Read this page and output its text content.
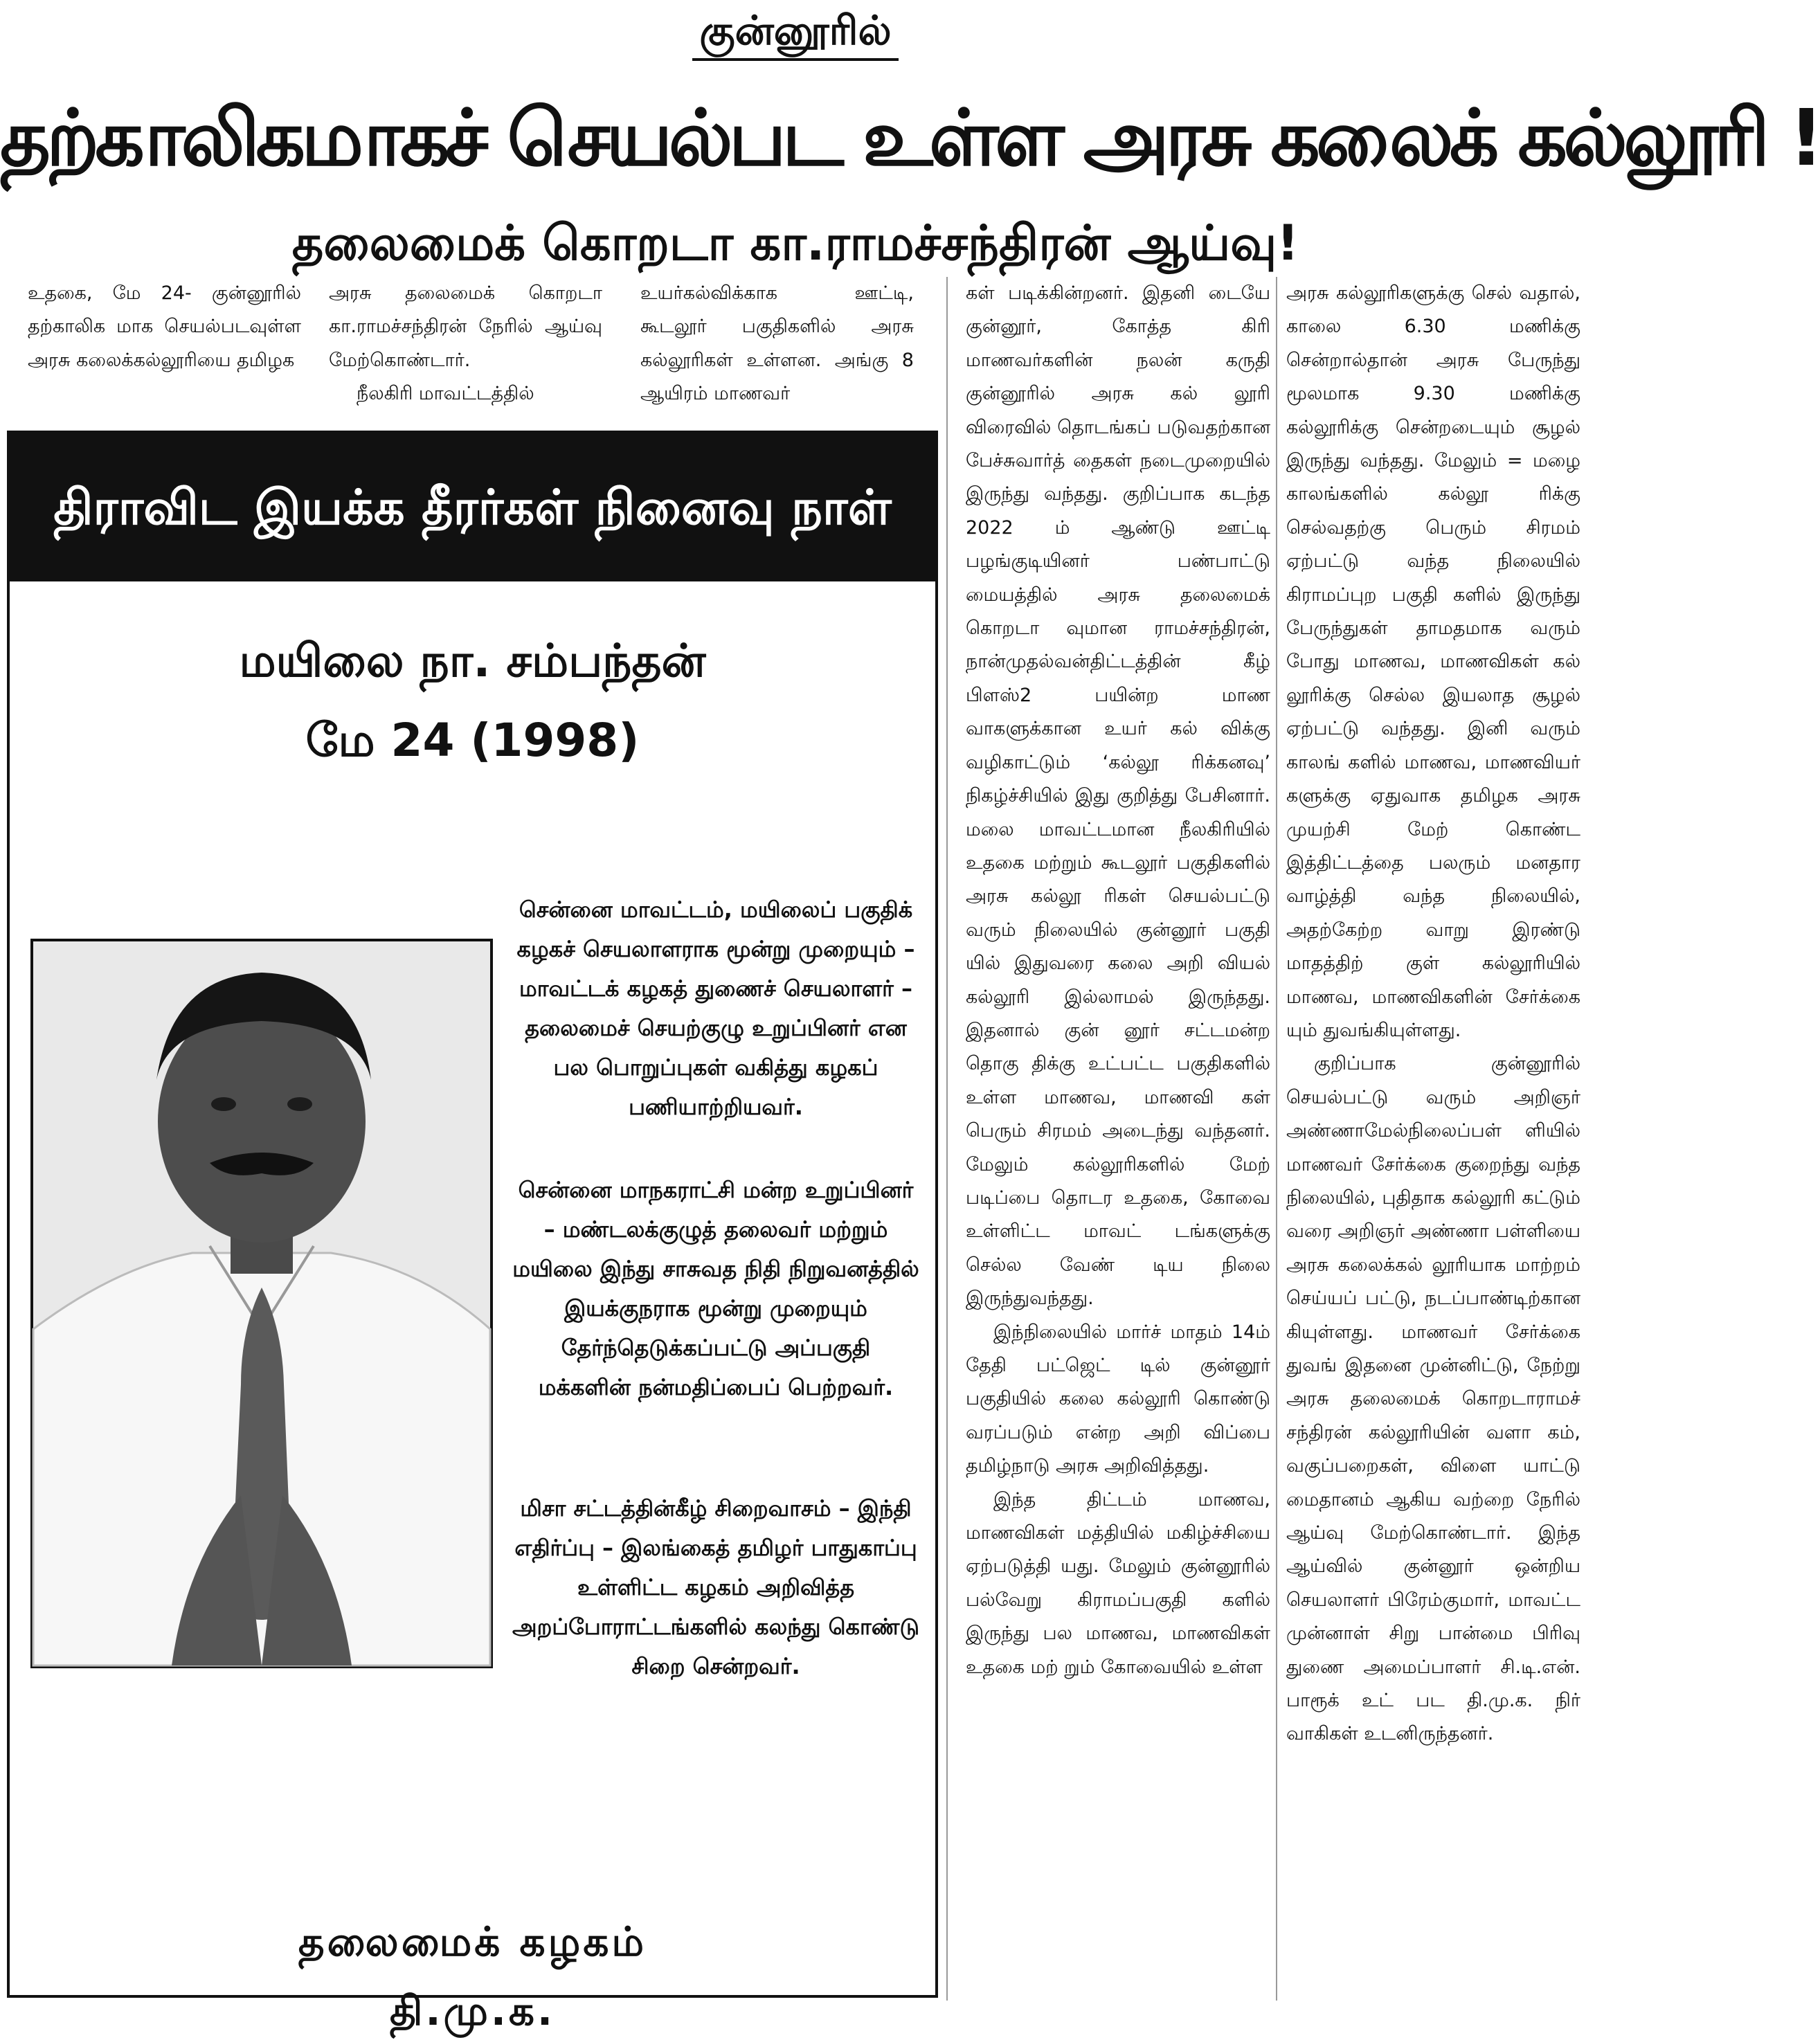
குன்னூரில்
தற்காலிகமாகச் செயல்பட உள்ள அரசு கலைக் கல்லூரி !
தலைமைக் கொறடா கா.ராமச்சந்திரன் ஆய்வு!

உதகை, மே 24- குன்னூரில் தற்காலிக மாக செயல்படவுள்ள அரசு கலைக்கல்லூரியை தமிழக

அரசு தலைமைக் கொறடா கா.ராமச்சந்திரன் நேரில் ஆய்வு மேற்கொண்டார்.

நீலகிரி மாவட்டத்தில்

உயர்கல்விக்காக ஊட்டி, கூடலூர் பகுதிகளில் அரசு கல்லூரிகள் உள்ளன. அங்கு 8 ஆயிரம் மாணவர்

கள் படிக்கின்றனர். இதனி டையே குன்னூர், கோத்த கிரி மாணவர்களின் நலன் கருதி குன்னூரில் அரசு கல் லூரி விரைவில் தொடங்கப் படுவதற்கான பேச்சுவார்த் தைகள் நடைமுறையில் இருந்து வந்தது. குறிப்பாக கடந்த 2022 ம் ஆண்டு ஊட்டி பழங்குடியினர் பண்பாட்டு மையத்தில் அரசு தலைமைக் கொறடா வுமான ராமச்சந்திரன், நான்முதல்வன்திட்டத்தின் கீழ் பிளஸ்2 பயின்ற மாண வாகளுக்கான உயர் கல் விக்கு வழிகாட்டும் ‘கல்லூ ரிக்கனவு’ நிகழ்ச்சியில் இது குறித்து பேசினார். மலை மாவட்டமான நீலகிரியில் உதகை மற்றும் கூடலூர் பகுதிகளில் அரசு கல்லூ ரிகள் செயல்பட்டு வரும் நிலையில் குன்னூர் பகுதி யில் இதுவரை கலை அறி வியல் கல்லூரி இல்லாமல் இருந்தது. இதனால் குன் னூர் சட்டமன்ற தொகு திக்கு உட்பட்ட பகுதிகளில் உள்ள மாணவ, மாணவி கள் பெரும் சிரமம் அடைந்து வந்தனர். மேலும் கல்லூரிகளில் மேற் படிப்பை தொடர உதகை, கோவை உள்ளிட்ட மாவட் டங்களுக்கு செல்ல வேண் டிய நிலை இருந்துவந்தது.

இந்நிலையில் மார்ச் மாதம் 14ம் தேதி பட்ஜெட் டில் குன்னூர் பகுதியில் கலை கல்லூரி கொண்டு வரப்படும் என்ற அறி விப்பை தமிழ்நாடு அரசு அறிவித்தது.

இந்த திட்டம் மாணவ, மாணவிகள் மத்தியில் மகிழ்ச்சியை ஏற்படுத்தி யது. மேலும் குன்னூரில் பல்வேறு கிராமப்பகுதி களில் இருந்து பல மாணவ, மாணவிகள் உதகை மற் றும் கோவையில் உள்ள

அரசு கல்லூரிகளுக்கு செல் வதால், காலை 6.30 மணிக்கு சென்றால்தான் அரசு பேருந்து மூலமாக 9.30 மணிக்கு கல்லூரிக்கு சென்றடையும் சூழல் இருந்து வந்தது. மேலும் = மழை காலங்களில் கல்லூ ரிக்கு செல்வதற்கு பெரும் சிரமம் ஏற்பட்டு வந்த நிலையில் கிராமப்புற பகுதி களில் இருந்து பேருந்துகள் தாமதமாக வரும் போது மாணவ, மாணவிகள் கல் லூரிக்கு செல்ல இயலாத சூழல் ஏற்பட்டு வந்தது. இனி வரும் காலங் களில் மாணவ, மாணவியர் களுக்கு ஏதுவாக தமிழக அரசு முயற்சி மேற் கொண்ட இத்திட்டத்தை பலரும் மனதார வாழ்த்தி வந்த நிலையில், அதற்கேற்ற வாறு இரண்டு மாதத்திற் குள் கல்லூரியில் மாணவ, மாணவிகளின் சேர்க்கை யும் துவங்கியுள்ளது.

குறிப்பாக குன்னூரில் செயல்பட்டு வரும் அறிஞர் அண்ணாமேல்நிலைப்பள் ளியில் மாணவர் சேர்க்கை குறைந்து வந்த நிலையில், புதிதாக கல்லூரி கட்டும் வரை அறிஞர் அண்ணா பள்ளியை அரசு கலைக்கல் லூரியாக மாற்றம் செய்யப் பட்டு, நடப்பாண்டிற்கான கியுள்ளது. மாணவர் சேர்க்கை துவங் இதனை முன்னிட்டு, நேற்று அரசு தலைமைக் கொறடாராமச் சந்திரன் கல்லூரியின் வளா கம், வகுப்பறைகள், விளை யாட்டு மைதானம் ஆகிய வற்றை நேரில் ஆய்வு மேற்கொண்டார். இந்த ஆய்வில் குன்னூர் ஒன்றிய செயலாளர் பிரேம்குமார், மாவட்ட முன்னாள் சிறு பான்மை பிரிவு துணை அமைப்பாளர் சி.டி.என். பாரூக் உட் பட தி.மு.க. நிர் வாகிகள் உடனிருந்தனர்.

திராவிட இயக்க தீரர்கள் நினைவு நாள்
மயிலை நா. சம்பந்தன்
மே 24 (1998)
சென்னை மாவட்டம், மயிலைப் பகுதிக் கழகச் செயலாளராக மூன்று முறையும் – மாவட்டக் கழகத் துணைச் செயலாளர் – தலைமைச் செயற்குழு உறுப்பினர் என பல பொறுப்புகள் வகித்து கழகப் பணியாற்றியவர்.
சென்னை மாநகராட்சி மன்ற உறுப்பினர் – மண்டலக்குழுத் தலைவர் மற்றும் மயிலை இந்து சாசுவத நிதி நிறுவனத்தில் இயக்குநராக மூன்று முறையும் தேர்ந்தெடுக்கப்பட்டு அப்பகுதி மக்களின் நன்மதிப்பைப் பெற்றவர்.
மிசா சட்டத்தின்கீழ் சிறைவாசம் – இந்தி எதிர்ப்பு – இலங்கைத் தமிழர் பாதுகாப்பு உள்ளிட்ட கழகம் அறிவித்த அறப்போராட்டங்களில் கலந்து கொண்டு சிறை சென்றவர்.
தலைமைக் கழகம்
தி.மு.க.
